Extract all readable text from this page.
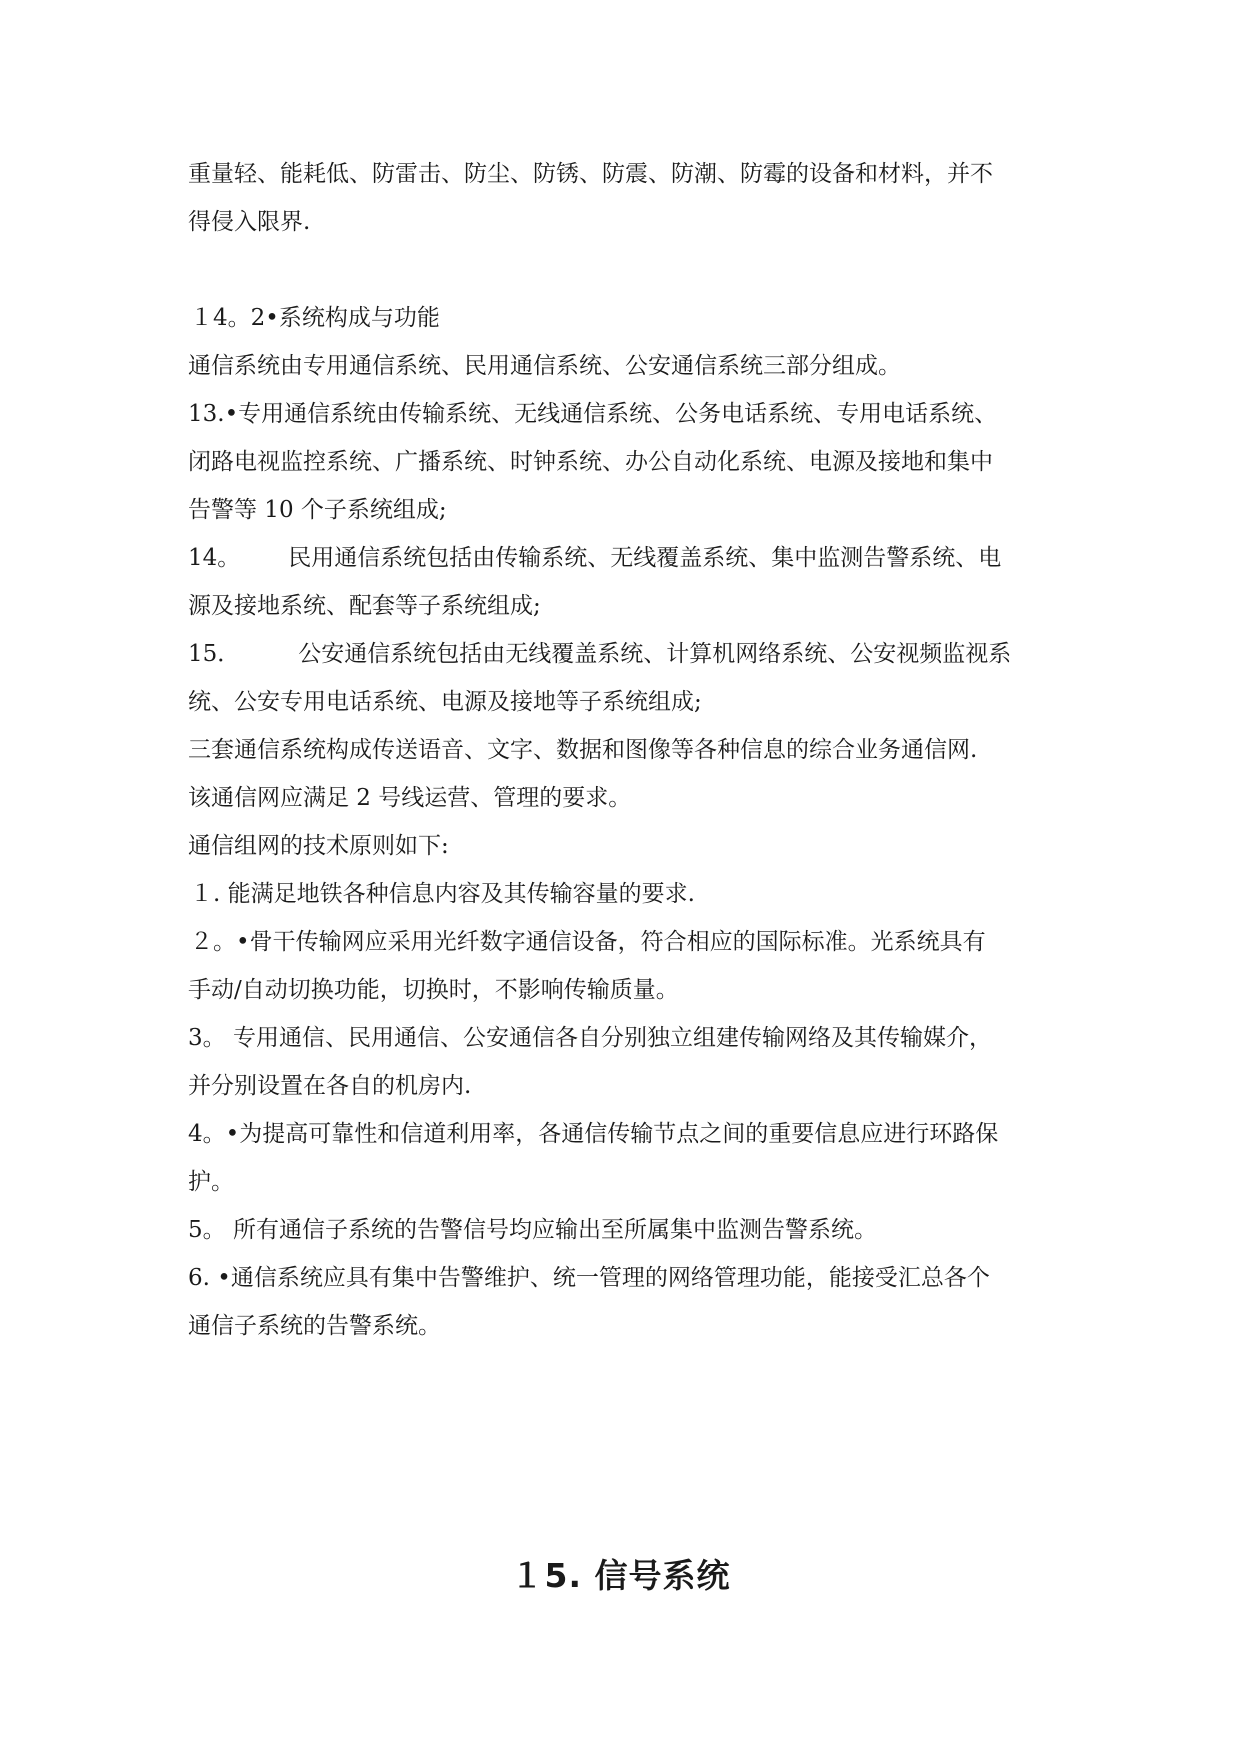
重量轻、能耗低、防雷击、防尘、防锈、防震、防潮、防霉的设备和材料，并不
得侵入限界.
１4。2•系统构成与功能
通信系统由专用通信系统、民用通信系统、公安通信系统三部分组成。
13.•专用通信系统由传输系统、无线通信系统、公务电话系统、专用电话系统、
闭路电视监控系统、广播系统、时钟系统、办公自动化系统、电源及接地和集中
告警等 10 个子系统组成;
14。 民用通信系统包括由传输系统、无线覆盖系统、集中监测告警系统、电
源及接地系统、配套等子系统组成;
15．	公安通信系统包括由无线覆盖系统、计算机网络系统、公安视频监视系
统、公安专用电话系统、电源及接地等子系统组成;
三套通信系统构成传送语音、文字、数据和图像等各种信息的综合业务通信网.
该通信网应满足 2 号线运营、管理的要求。
通信组网的技术原则如下:
１. 能满足地铁各种信息内容及其传输容量的要求.
２。•骨干传输网应采用光纤数字通信设备，符合相应的国际标准。光系统具有
手动/自动切换功能，切换时，不影响传输质量。
3。 专用通信、民用通信、公安通信各自分别独立组建传输网络及其传输媒介，
并分别设置在各自的机房内.
4。•为提高可靠性和信道利用率，各通信传输节点之间的重要信息应进行环路保
护。
5。 所有通信子系统的告警信号均应输出至所属集中监测告警系统。
6. •通信系统应具有集中告警维护、统一管理的网络管理功能，能接受汇总各个
通信子系统的告警系统。
１5. 信号系统
